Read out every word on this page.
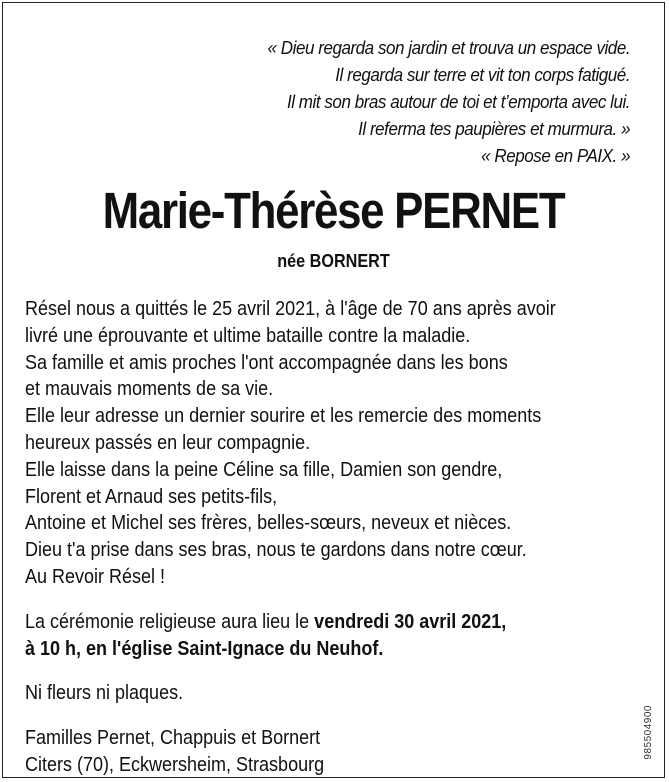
« Dieu regarda son jardin et trouva un espace vide.
Il regarda sur terre et vit ton corps fatigué.
Il mit son bras autour de toi et t’emporta avec lui.
Il referma tes paupières et murmura. »
« Repose en PAIX. »
Marie-Thérèse PERNET
née BORNERT
Résel nous a quittés le 25 avril 2021, à l'âge de 70 ans après avoir
livré une éprouvante et ultime bataille contre la maladie.
Sa famille et amis proches l'ont accompagnée dans les bons
et mauvais moments de sa vie.
Elle leur adresse un dernier sourire et les remercie des moments
heureux passés en leur compagnie.
Elle laisse dans la peine Céline sa fille, Damien son gendre,
Florent et Arnaud ses petits-fils,
Antoine et Michel ses frères, belles-sœurs, neveux et nièces.
Dieu t'a prise dans ses bras, nous te gardons dans notre cœur.
Au Revoir Résel !
La cérémonie religieuse aura lieu le vendredi 30 avril 2021,
à 10 h, en l'église Saint-Ignace du Neuhof.
Ni fleurs ni plaques.
Familles Pernet, Chappuis et Bornert
Citers (70), Eckwersheim, Strasbourg
985504900
